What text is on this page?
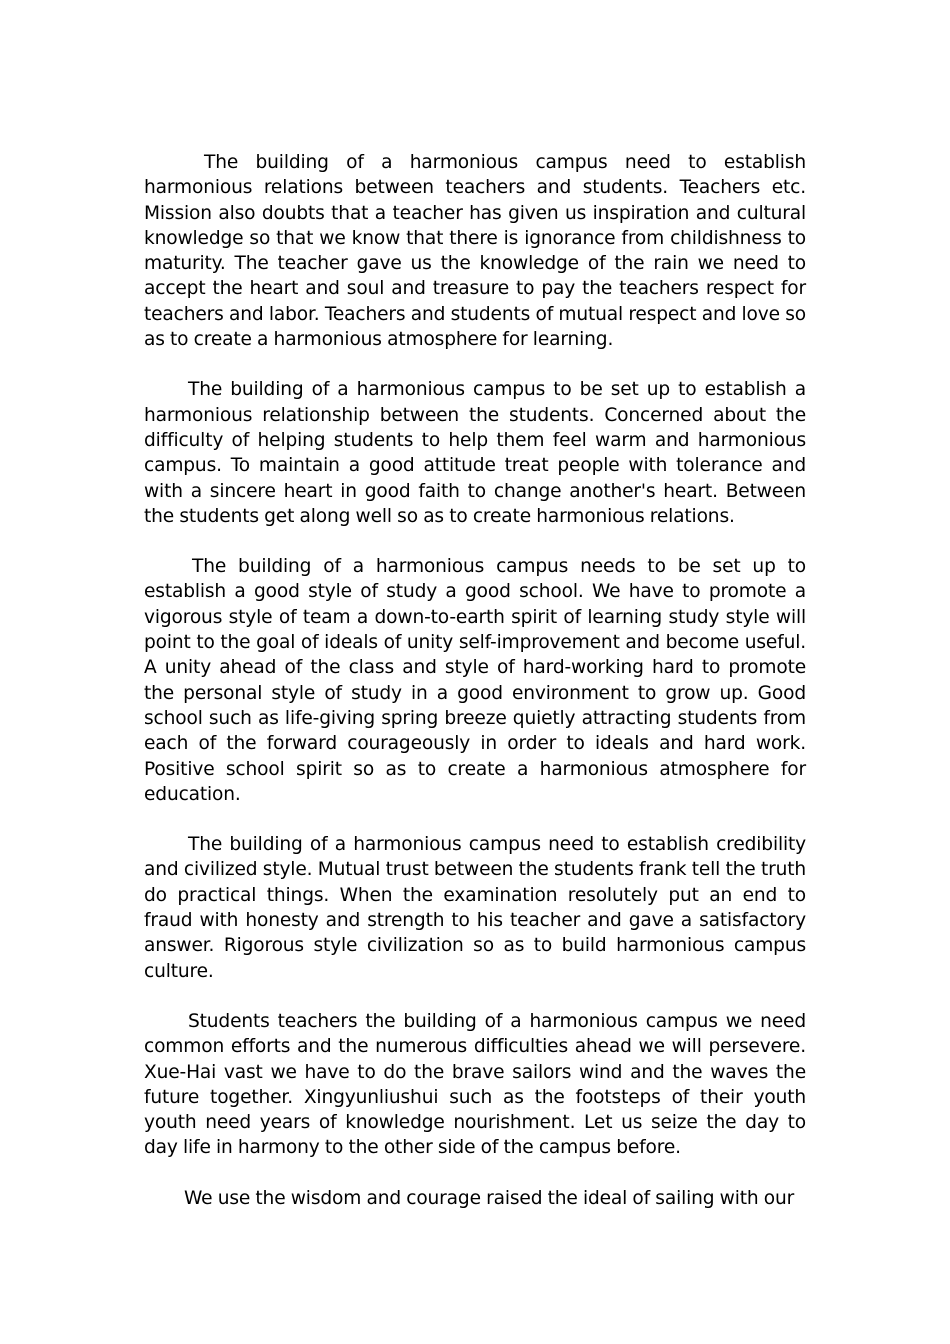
The building of a harmonious campus need to establish harmonious relations between teachers and students. Teachers etc. Mission also doubts that a teacher has given us inspiration and cultural knowledge so that we know that there is ignorance from childishness to maturity. The teacher gave us the knowledge of the rain we need to accept the heart and soul and treasure to pay the teachers respect for teachers and labor. Teachers and students of mutual respect and love so as to create a harmonious atmosphere for learning.

The building of a harmonious campus to be set up to establish a harmonious relationship between the students. Concerned about the difficulty of helping students to help them feel warm and harmonious campus. To maintain a good attitude treat people with tolerance and with a sincere heart in good faith to change another's heart. Between the students get along well so as to create harmonious relations.

The building of a harmonious campus needs to be set up to establish a good style of study a good school. We have to promote a vigorous style of team a down-to-earth spirit of learning study style will point to the goal of ideals of unity self-improvement and become useful. A unity ahead of the class and style of hard-working hard to promote the personal style of study in a good environment to grow up. Good school such as life-giving spring breeze quietly attracting students from each of the forward courageously in order to ideals and hard work. Positive school spirit so as to create a harmonious atmosphere for education.

The building of a harmonious campus need to establish credibility and civilized style. Mutual trust between the students frank tell the truth do practical things. When the examination resolutely put an end to fraud with honesty and strength to his teacher and gave a satisfactory answer. Rigorous style civilization so as to build harmonious campus culture.

Students teachers the building of a harmonious campus we need common efforts and the numerous difficulties ahead we will persevere. Xue-Hai vast we have to do the brave sailors wind and the waves the future together. Xingyunliushui such as the footsteps of their youth youth need years of knowledge nourishment. Let us seize the day to day life in harmony to the other side of the campus before.

We use the wisdom and courage raised the ideal of sailing with our
